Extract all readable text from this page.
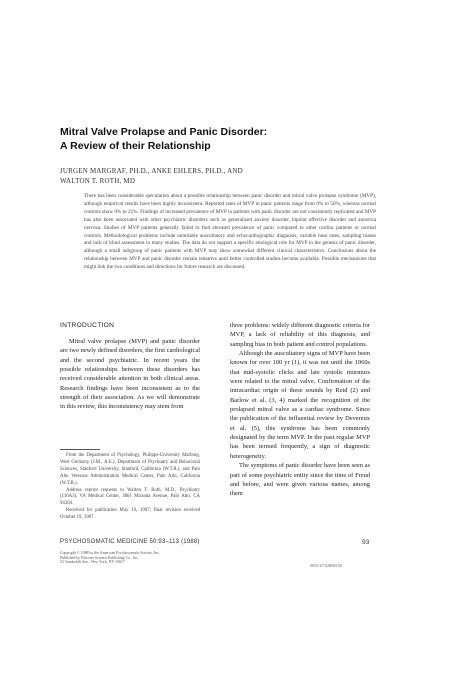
Mitral Valve Prolapse and Panic Disorder:
A Review of their Relationship
JURGEN MARGRAF, PH.D., ANKE EHLERS, PH.D., AND
WALTON T. ROTH, MD
There has been considerable speculation about a possible relationship between panic disorder and mitral valve prolapse syndrome (MVP), although empirical results have been highly inconsistent. Reported rates of MVP in panic patients range from 0% to 50%, whereas normal controls show 0% to 21%. Findings of increased prevalence of MVP in patients with panic disorder are not consistently replicated and MVP has also been associated with other psychiatric disorders such as generalized anxiety disorder, bipolar affective disorder and anorexia nervosa. Studies of MVP patients generally failed to find elevated prevalence of panic compared to other cardiac patients or normal controls. Methodological problems include unreliable auscultatory and echocardiographic diagnosis, variable base rates, sampling biases and lack of blind assessment in many studies. The data do not support a specific etiological role for MVP in the genesis of panic disorder, although a small subgroup of panic patients with MVP may show somewhat different clinical characteristics. Conclusions about the relationship between MVP and panic disorder remain tentative until better controlled studies become available. Possible mechanisms that might link the two conditions and directions for future research are discussed.
INTRODUCTION

Mitral valve prolapse (MVP) and panic disorder are two newly defined disorders, the first cardiological and the second psychiatric. In recent years the possible relationships between these disorders has received considerable attention in both clinical areas. Research findings have been inconsistent as to the strength of their association. As we will demonstrate in this review, this inconsistency may stem from

From the Department of Psychology, Philipps-University Marburg, West Germany (J.M., A.E.), Department of Psychiatry and Behavioral Sciences, Stanford University, Stanford, California (W.T.R.), and Palo Alto Veterans Administration Medical Center, Palo Alto, California (W.T.R.).

Address reprint requests to Walton T. Roth, M.D., Psychiatry (116A3), VA Medical Center, 3801 Miranda Avenue, Palo Alto, CA 94304.

Received for publication May 19, 1987; final revision received October 19, 1987.

three problems: widely different diagnostic criteria for MVP, a lack of reliability of this diagnosis, and sampling bias in both patient and control populations.

Although the auscultatory signs of MVP have been known for over 100 yr (1), it was not until the 1960s that mid-systolic clicks and late systolic murmurs were related to the mitral valve. Confirmation of the intracardiac origin of these sounds by Reid (2) and Barlow et al. (3, 4) marked the recognition of the prolapsed mitral valve as a cardiac syndrome. Since the publication of the influential review by Devereux et al. (5), this syndrome has been commonly designated by the term MVP. In the past regular MVP has been termed frequently, a sign of diagnostic heterogeneity.

The symptoms of panic disorder have been seen as part of some psychiatric entity since the time of Freud and before, and were given various names, among them

PSYCHOSOMATIC MEDICINE 50:93–113 (1988)	93
Copyright © 1988 by the American Psychosomatic Society, Inc.
Published by Elsevier Science Publishing Co., Inc.
52 Vanderbilt Ave., New York, NY 10017
0033-3174/88/$3.50
